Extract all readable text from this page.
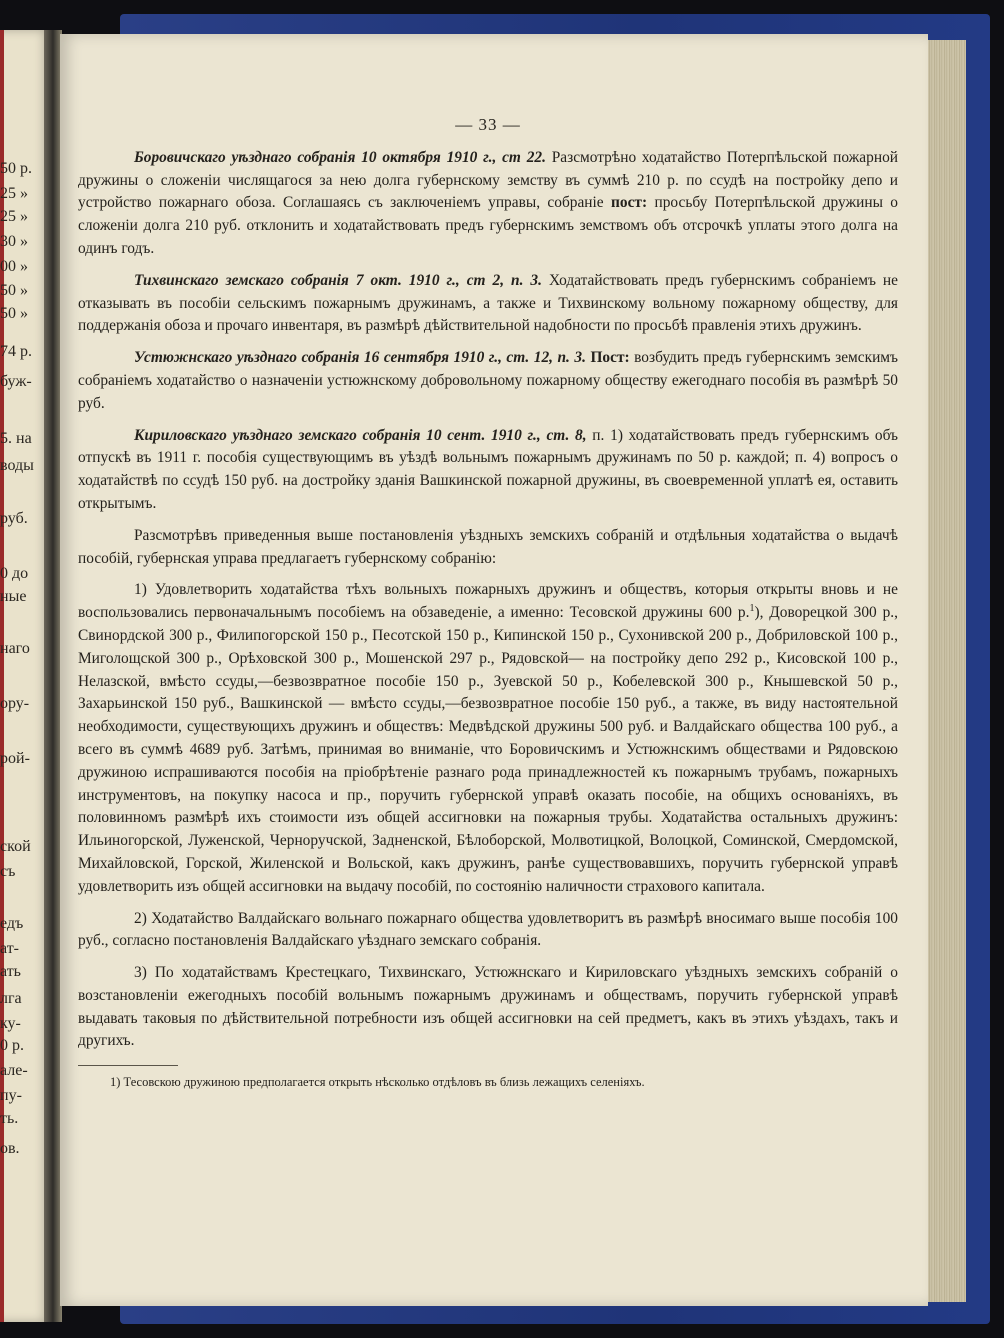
50 р.
25 »
25 »
30 »
00 »
50 »
50 »
74 р.
буж-
5. на
воды
руб.
0 до
ные
наго
ору-
рой-
ской
съ
едъ
ат-
ать
лга
ку-
0 р.
але-
пу-
ть.
ов.
— 33 —

Боровичскаго уѣзднаго собранія 10 октября 1910 г., ст 22. Разсмотрѣно ходатайство Потерпѣльской пожарной дружины о сложеніи числящагося за нею долга губернскому земству въ суммѣ 210 р. по ссудѣ на постройку депо и устройство пожарнаго обоза. Соглашаясь съ заключеніемъ управы, собраніе пост: просьбу Потерпѣльской дружины о сложеніи долга 210 руб. отклонить и ходатайствовать предъ губернскимъ земствомъ объ отсрочкѣ уплаты этого долга на одинъ годъ.

Тихвинскаго земскаго собранія 7 окт. 1910 г., ст 2, п. 3. Ходатайствовать предъ губернскимъ собраніемъ не отказывать въ пособіи сельскимъ пожарнымъ дружинамъ, а также и Тихвинскому вольному пожарному обществу, для поддержанія обоза и прочаго инвентаря, въ размѣрѣ дѣйствительной надобности по просьбѣ правленія этихъ дружинъ.

Устюжнскаго уѣзднаго собранія 16 сентября 1910 г., ст. 12, п. 3. Пост: возбудить предъ губернскимъ земскимъ собраніемъ ходатайство о назначеніи устюжнскому добровольному пожарному обществу ежегоднаго пособія въ размѣрѣ 50 руб.

Кириловскаго уѣзднаго земскаго собранія 10 сент. 1910 г., ст. 8, п. 1) ходатайствовать предъ губернскимъ объ отпускѣ въ 1911 г. пособія существующимъ въ уѣздѣ вольнымъ пожарнымъ дружинамъ по 50 р. каждой; п. 4) вопросъ о ходатайствѣ по ссудѣ 150 руб. на достройку зданія Вашкинской пожарной дружины, въ своевременной уплатѣ ея, оставить открытымъ.

Разсмотрѣвъ приведенныя выше постановленія уѣздныхъ земскихъ собраній и отдѣльныя ходатайства о выдачѣ пособій, губернская управа предлагаетъ губернскому собранію:

1) Удовлетворить ходатайства тѣхъ вольныхъ пожарныхъ дружинъ и обществъ, которыя открыты вновь и не воспользовались первоначальнымъ пособіемъ на обзаведеніе, а именно: Тесовской дружины 600 р.$^1$), Доворецкой 300 р., Свинордской 300 р., Филипогорской 150 р., Песотской 150 р., Кипинской 150 р., Сухонивской 200 р., Добриловской 100 р., Миголощской 300 р., Орѣховской 300 р., Мошенской 297 р., Рядовской— на постройку депо 292 р., Кисовской 100 р., Нелазской, вмѣсто ссуды,—безвозвратное пособіе 150 р., Зуевской 50 р., Кобелевской 300 р., Кнышевской 50 р., Захарьинской 150 руб., Вашкинской — вмѣсто ссуды,—безвозвратное пособіе 150 руб., а также, въ виду настоятельной необходимости, существующихъ дружинъ и обществъ: Медвѣдской дружины 500 руб. и Валдайскаго общества 100 руб., а всего въ суммѣ 4689 руб. Затѣмъ, принимая во вниманіе, что Боровичскимъ и Устюжнскимъ обществами и Рядовскою дружиною испрашиваются пособія на пріобрѣтеніе разнаго рода принадлежностей къ пожарнымъ трубамъ, пожарныхъ инструментовъ, на покупку насоса и пр., поручить губернской управѣ оказать пособіе, на общихъ основаніяхъ, въ половинномъ размѣрѣ ихъ стоимости изъ общей ассигновки на пожарныя трубы. Ходатайства остальныхъ дружинъ: Ильиногорской, Луженской, Черноручской, Задненской, Бѣлоборской, Молвотицкой, Волоцкой, Соминской, Смердомской, Михайловской, Горской, Жиленской и Вольской, какъ дружинъ, ранѣе существовавшихъ, поручить губернской управѣ удовлетворить изъ общей ассигновки на выдачу пособій, по состоянію наличности страхового капитала.

2) Ходатайство Валдайскаго вольнаго пожарнаго общества удовлетворитъ въ размѣрѣ вносимаго выше пособія 100 руб., согласно постановленія Валдайскаго уѣзднаго земскаго собранія.

3) По ходатайствамъ Крестецкаго, Тихвинскаго, Устюжнскаго и Кириловскаго уѣздныхъ земскихъ собраній о возстановленіи ежегодныхъ пособій вольнымъ пожарнымъ дружинамъ и обществамъ, поручить губернской управѣ выдавать таковыя по дѣйствительной потребности изъ общей ассигновки на сей предметъ, какъ въ этихъ уѣздахъ, такъ и другихъ.

1) Тесовскою дружиною предполагается открыть нѣсколько отдѣловъ въ близь лежащихъ селеніяхъ.
